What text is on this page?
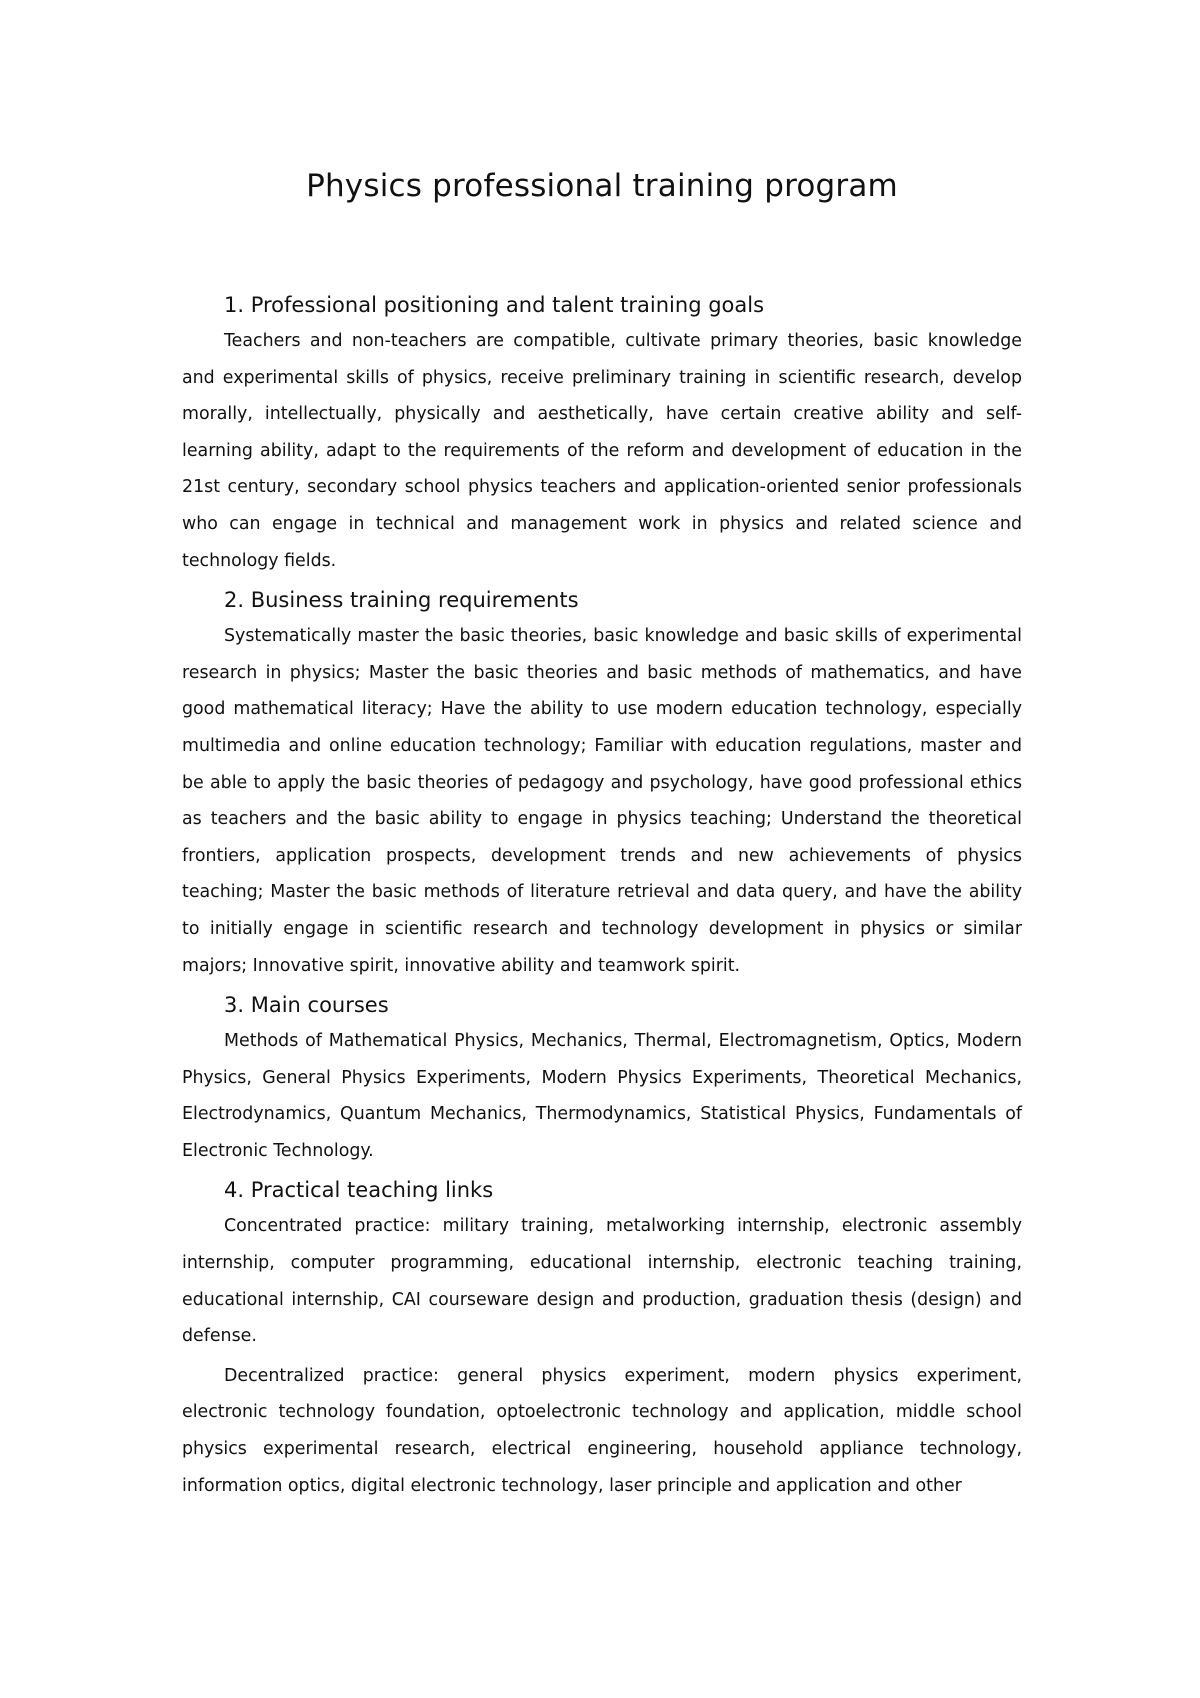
Physics professional training program
1. Professional positioning and talent training goals

Teachers and non-teachers are compatible, cultivate primary theories, basic knowledge and experimental skills of physics, receive preliminary training in scientific research, develop morally, intellectually, physically and aesthetically, have certain creative ability and self-learning ability, adapt to the requirements of the reform and development of education in the 21st century, secondary school physics teachers and application-oriented senior professionals who can engage in technical and management work in physics and related science and technology fields.

2. Business training requirements

Systematically master the basic theories, basic knowledge and basic skills of experimental research in physics; Master the basic theories and basic methods of mathematics, and have good mathematical literacy; Have the ability to use modern education technology, especially multimedia and online education technology; Familiar with education regulations, master and be able to apply the basic theories of pedagogy and psychology, have good professional ethics as teachers and the basic ability to engage in physics teaching; Understand the theoretical frontiers, application prospects, development trends and new achievements of physics teaching; Master the basic methods of literature retrieval and data query, and have the ability to initially engage in scientific research and technology development in physics or similar majors; Innovative spirit, innovative ability and teamwork spirit.

3. Main courses

Methods of Mathematical Physics, Mechanics, Thermal, Electromagnetism, Optics, Modern Physics, General Physics Experiments, Modern Physics Experiments, Theoretical Mechanics, Electrodynamics, Quantum Mechanics, Thermodynamics, Statistical Physics, Fundamentals of Electronic Technology.

4. Practical teaching links

Concentrated practice: military training, metalworking internship, electronic assembly internship, computer programming, educational internship, electronic teaching training, educational internship, CAI courseware design and production, graduation thesis (design) and defense.

Decentralized practice: general physics experiment, modern physics experiment, electronic technology foundation, optoelectronic technology and application, middle school physics experimental research, electrical engineering, household appliance technology, information optics, digital electronic technology, laser principle and application and other
